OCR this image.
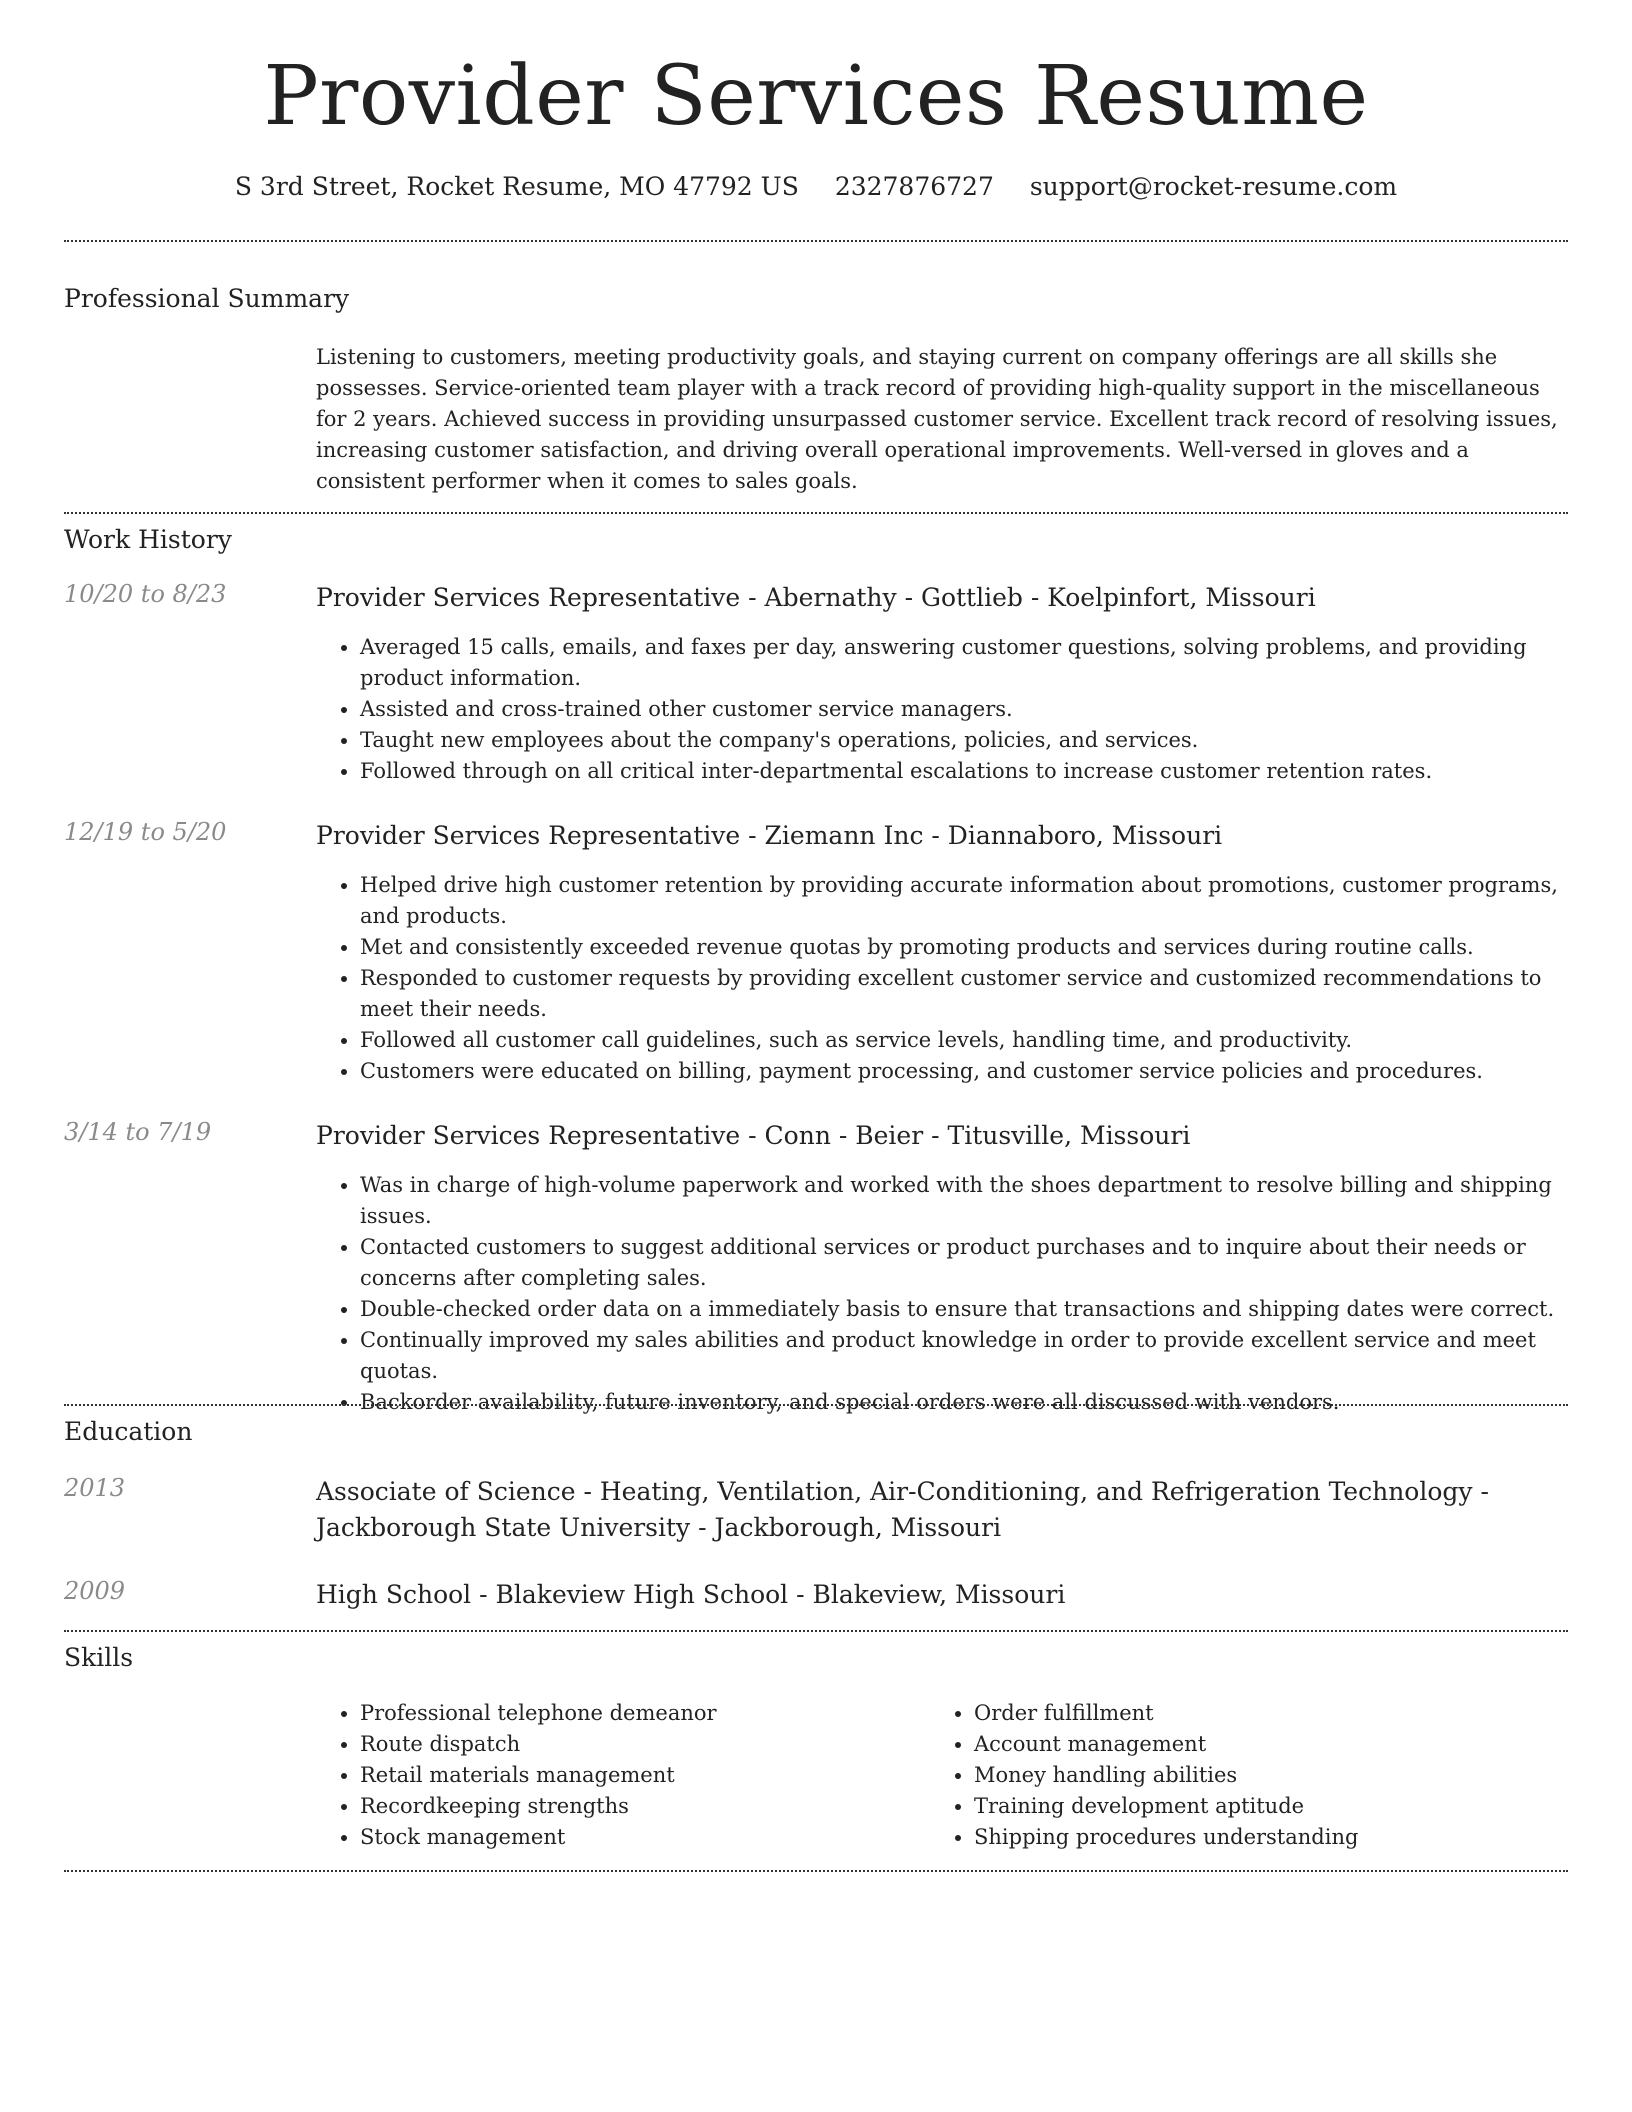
Provider Services Resume
S 3rd Street, Rocket Resume, MO 47792 US 2327876727 support@rocket-resume.com
Professional Summary
Listening to customers, meeting productivity goals, and staying current on company offerings are all skills she possesses. Service-oriented team player with a track record of providing high-quality support in the miscellaneous for 2 years. Achieved success in providing unsurpassed customer service. Excellent track record of resolving issues, increasing customer satisfaction, and driving overall operational improvements. Well-versed in gloves and a consistent performer when it comes to sales goals.
Work History
10/20 to 8/23	Provider Services Representative - Abernathy - Gottlieb - Koelpinfort, Missouri
• Averaged 15 calls, emails, and faxes per day, answering customer questions, solving problems, and providing product information.
• Assisted and cross-trained other customer service managers.
• Taught new employees about the company's operations, policies, and services.
• Followed through on all critical inter-departmental escalations to increase customer retention rates.
12/19 to 5/20	Provider Services Representative - Ziemann Inc - Diannaboro, Missouri
• Helped drive high customer retention by providing accurate information about promotions, customer programs, and products.
• Met and consistently exceeded revenue quotas by promoting products and services during routine calls.
• Responded to customer requests by providing excellent customer service and customized recommendations to meet their needs.
• Followed all customer call guidelines, such as service levels, handling time, and productivity.
• Customers were educated on billing, payment processing, and customer service policies and procedures.
3/14 to 7/19	Provider Services Representative - Conn - Beier - Titusville, Missouri
• Was in charge of high-volume paperwork and worked with the shoes department to resolve billing and shipping issues.
• Contacted customers to suggest additional services or product purchases and to inquire about their needs or concerns after completing sales.
• Double-checked order data on a immediately basis to ensure that transactions and shipping dates were correct.
• Continually improved my sales abilities and product knowledge in order to provide excellent service and meet quotas.
• Backorder availability, future inventory, and special orders were all discussed with vendors.
Education
2013	Associate of Science - Heating, Ventilation, Air-Conditioning, and Refrigeration Technology - Jackborough State University - Jackborough, Missouri
2009	High School - Blakeview High School - Blakeview, Missouri
Skills
• Professional telephone demeanor
• Route dispatch
• Retail materials management
• Recordkeeping strengths
• Stock management
• Order fulfillment
• Account management
• Money handling abilities
• Training development aptitude
• Shipping procedures understanding
